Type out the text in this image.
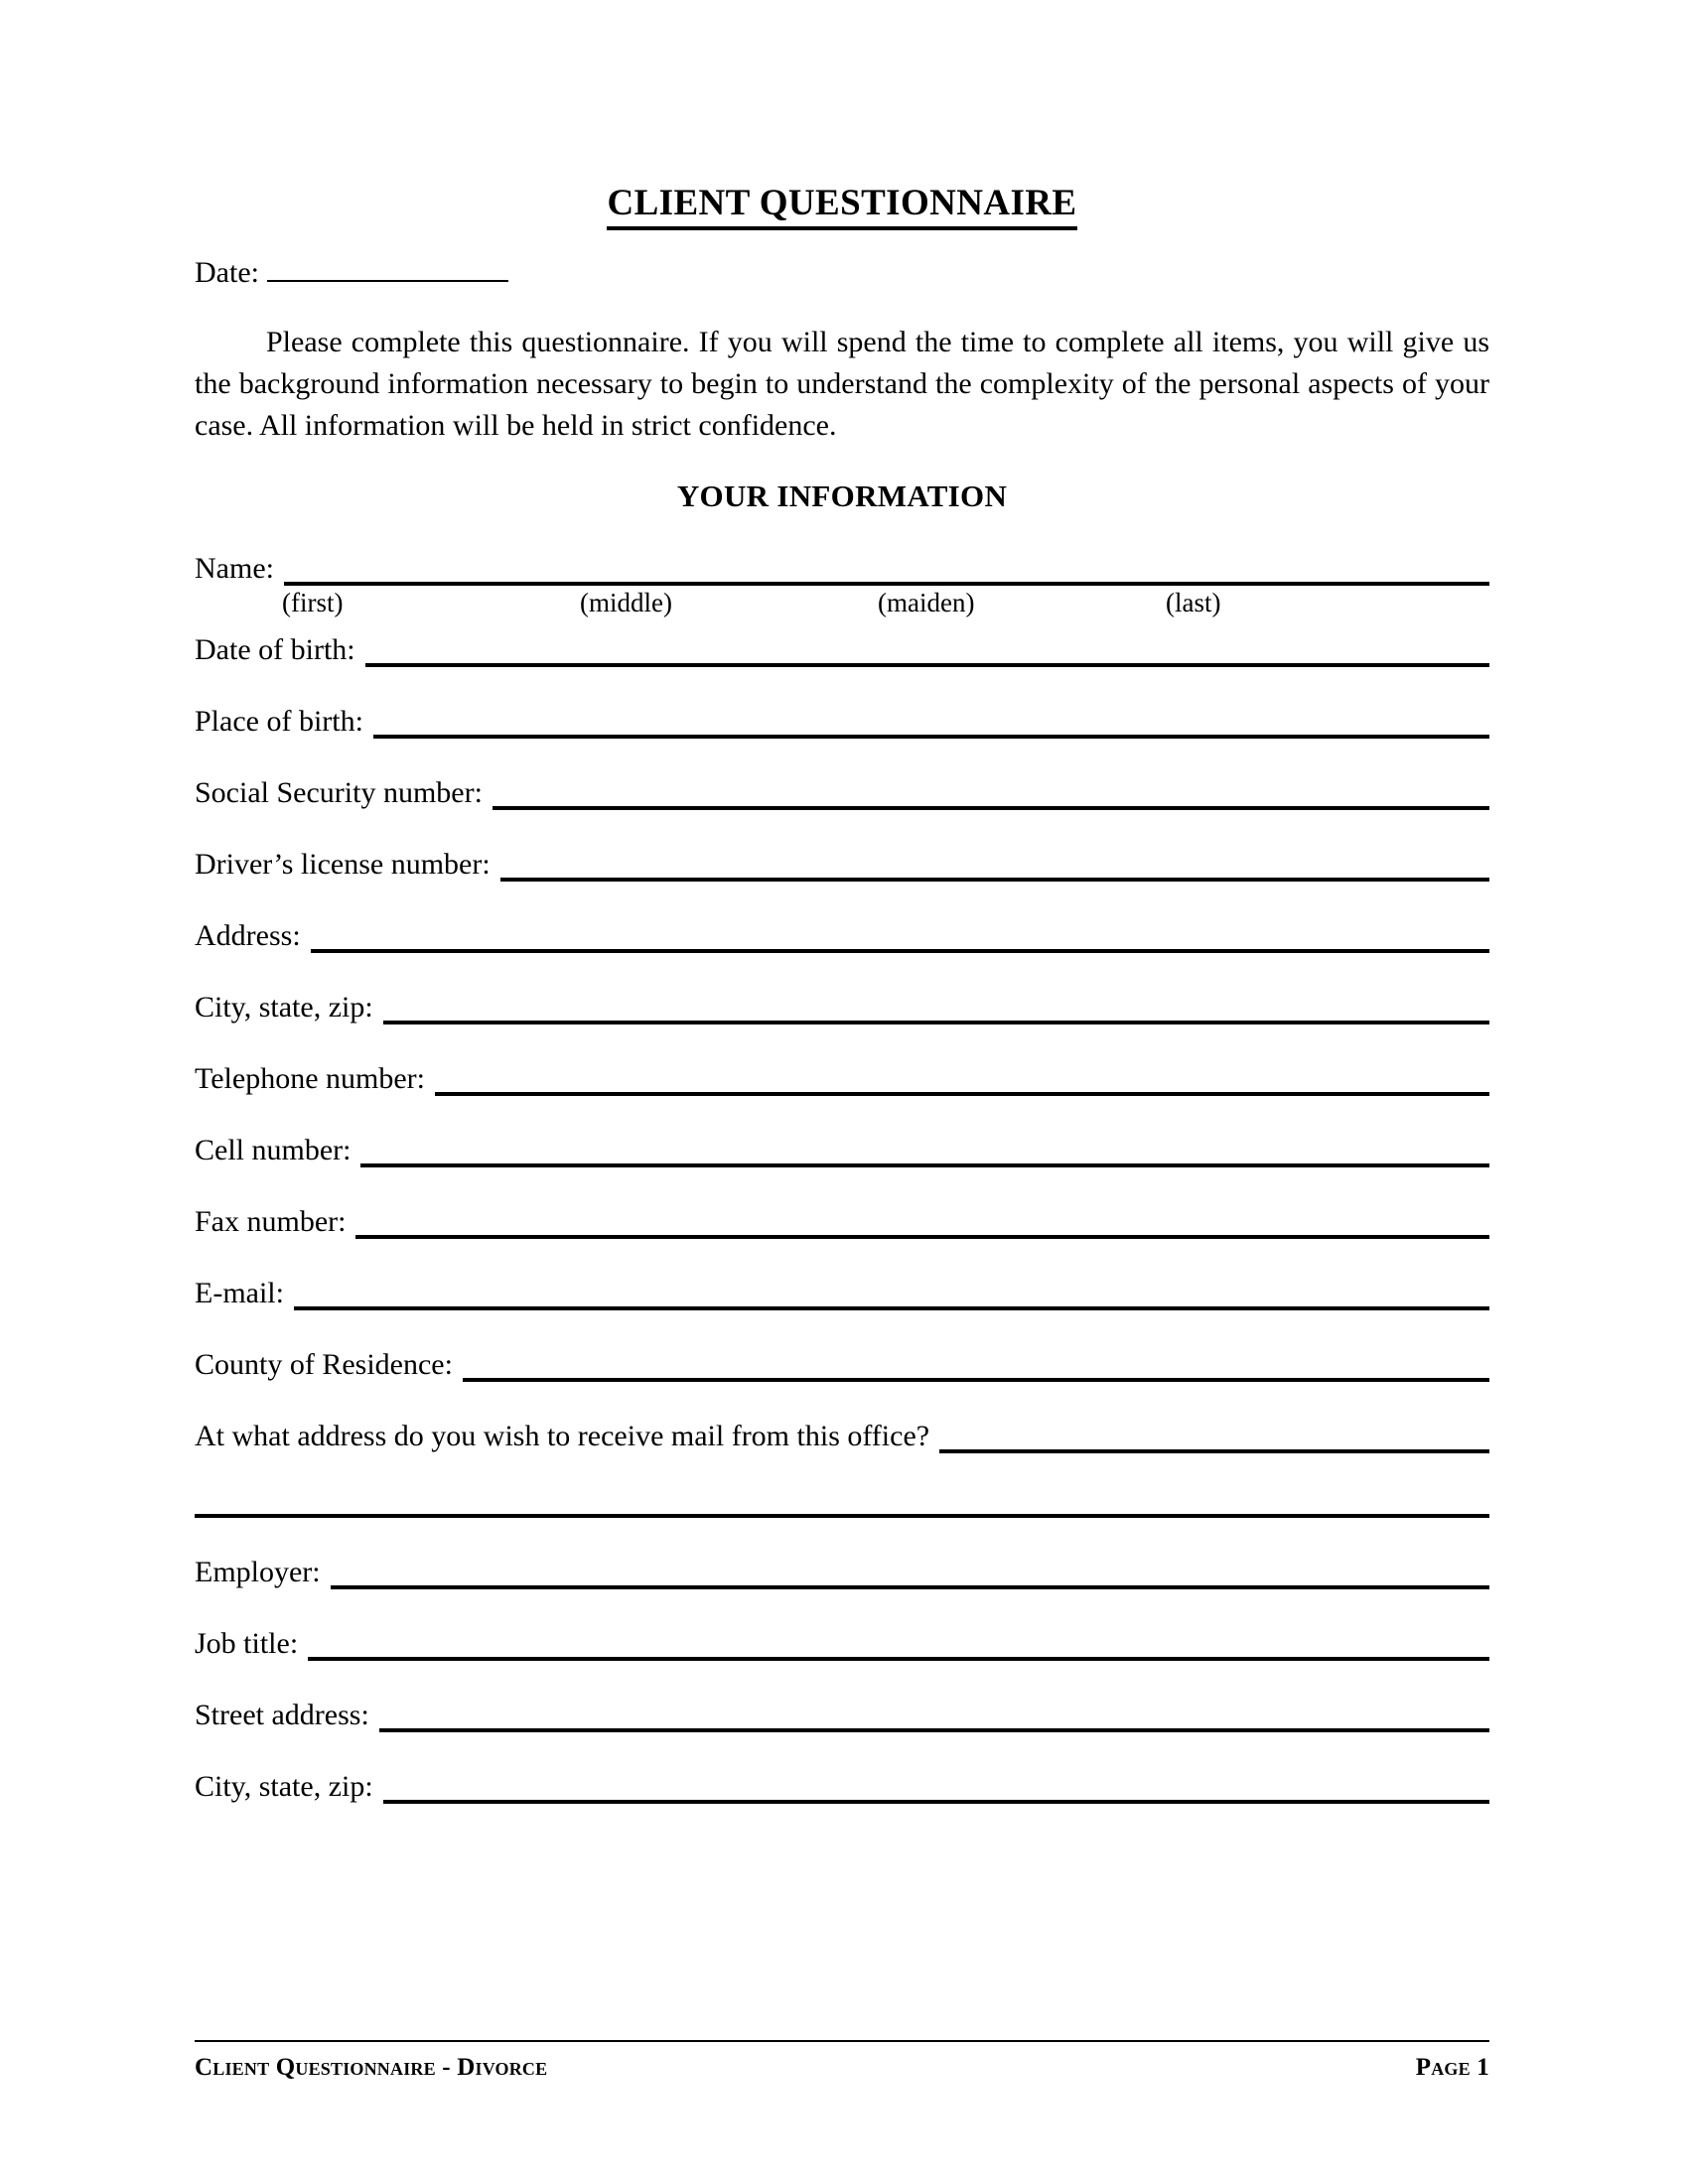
CLIENT QUESTIONNAIRE
Date:

Please complete this questionnaire. If you will spend the time to complete all items, you will give us the background information necessary to begin to understand the complexity of the personal aspects of your case. All information will be held in strict confidence.

YOUR INFORMATION
Name:
(first)	(middle)	(maiden)	(last)
Date of birth:
Place of birth:
Social Security number:
Driver’s license number:
Address:
City, state, zip:
Telephone number:
Cell number:
Fax number:
E-mail:
County of Residence:
At what address do you wish to receive mail from this office?
Employer:
Job title:
Street address:
City, state, zip:
Client Questionnaire - Divorce	Page 1
